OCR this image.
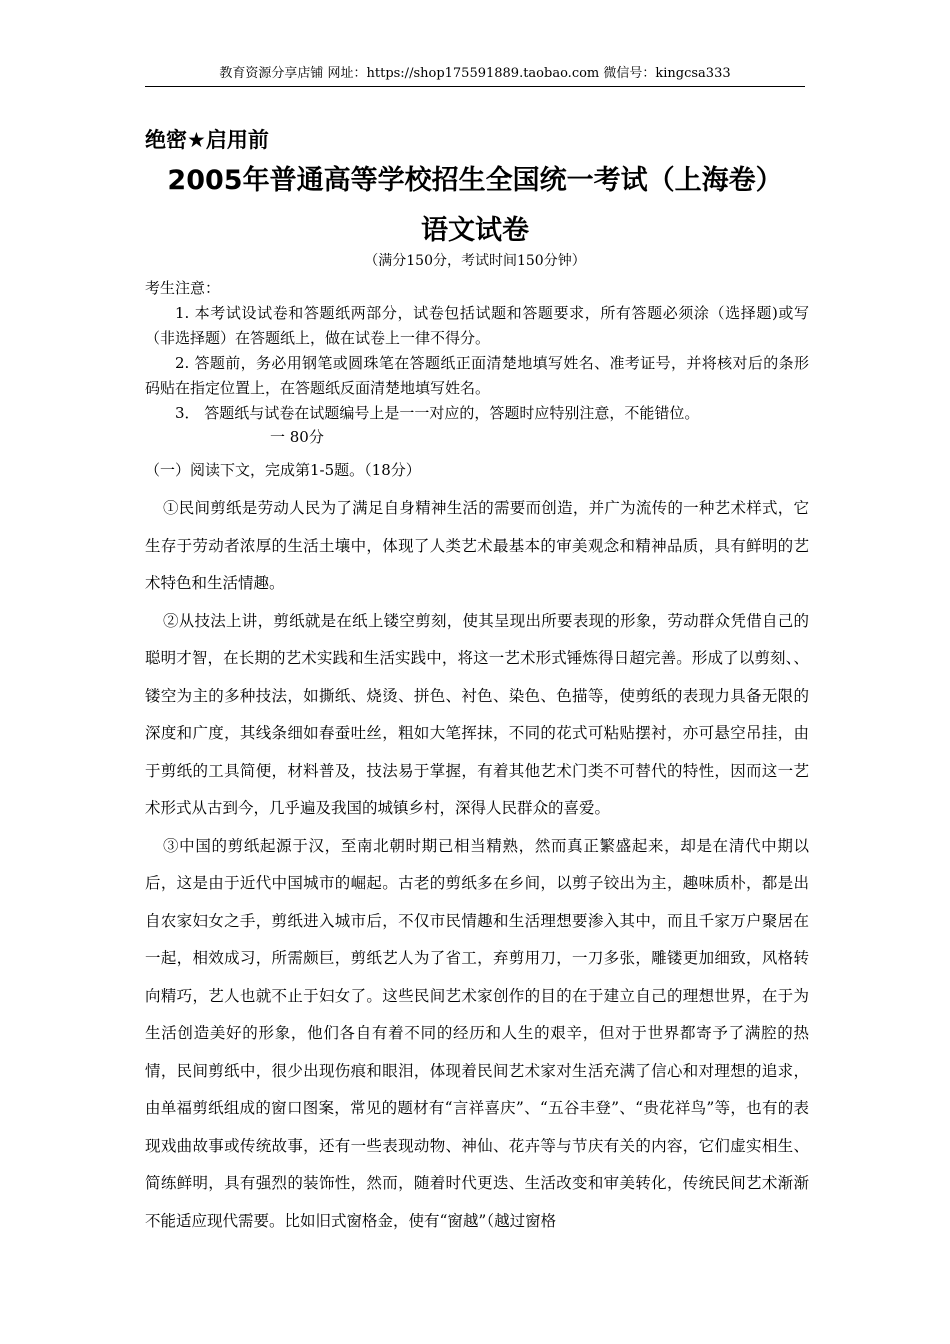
教育资源分享店铺 网址：https://shop175591889.taobao.com 微信号：kingcsa333
绝密★启用前
2005年普通高等学校招生全国统一考试（上海卷）
语文试卷
（满分150分，考试时间150分钟）

考生注意：

1. 本考试设试卷和答题纸两部分，试卷包括试题和答题要求，所有答题必须涂（选择题)或写（非选择题）在答题纸上，做在试卷上一律不得分。

2. 答题前，务必用钢笔或圆珠笔在答题纸正面清楚地填写姓名、准考证号，并将核对后的条形码贴在指定位置上，在答题纸反面清楚地填写姓名。

3． 答题纸与试卷在试题编号上是一一对应的，答题时应特别注意，不能错位。

一 80分
（一）阅读下文，完成第1-5题。（18分）

①民间剪纸是劳动人民为了满足自身精神生活的需要而创造，并广为流传的一种艺术样式，它生存于劳动者浓厚的生活土壤中，体现了人类艺术最基本的审美观念和精神品质，具有鲜明的艺术特色和生活情趣。

②从技法上讲，剪纸就是在纸上镂空剪刻，使其呈现出所要表现的形象，劳动群众凭借自己的聪明才智，在长期的艺术实践和生活实践中，将这一艺术形式锤炼得日超完善。形成了以剪刻、、镂空为主的多种技法，如撕纸、烧烫、拼色、衬色、染色、色描等，使剪纸的表现力具备无限的深度和广度，其线条细如春蚕吐丝，粗如大笔挥抹，不同的花式可粘贴摆衬，亦可悬空吊挂，由于剪纸的工具简便，材料普及，技法易于掌握，有着其他艺术门类不可替代的特性，因而这一艺术形式从古到今，几乎遍及我国的城镇乡村，深得人民群众的喜爱。

③中国的剪纸起源于汉，至南北朝时期已相当精熟，然而真正繁盛起来，却是在清代中期以后，这是由于近代中国城市的崛起。古老的剪纸多在乡间，以剪子铰出为主，趣味质朴，都是出自农家妇女之手，剪纸进入城市后，不仅市民情趣和生活理想要渗入其中，而且千家万户聚居在一起，相效成习，所需颇巨，剪纸艺人为了省工，弃剪用刀，一刀多张，雕镂更加细致，风格转向精巧，艺人也就不止于妇女了。这些民间艺术家创作的目的在于建立自己的理想世界，在于为生活创造美好的形象，他们各自有着不同的经历和人生的艰辛，但对于世界都寄予了满腔的热情，民间剪纸中，很少出现伤痕和眼泪，体现着民间艺术家对生活充满了信心和对理想的追求，由单福剪纸组成的窗口图案，常见的题材有“言祥喜庆”、“五谷丰登”、“贵花祥鸟”等，也有的表现戏曲故事或传统故事，还有一些表现动物、神仙、花卉等与节庆有关的内容，它们虚实相生、简练鲜明，具有强烈的装饰性，然而，随着时代更迭、生活改变和审美转化，传统民间艺术渐渐不能适应现代需要。比如旧式窗格金，使有“窗越”（越过窗格
